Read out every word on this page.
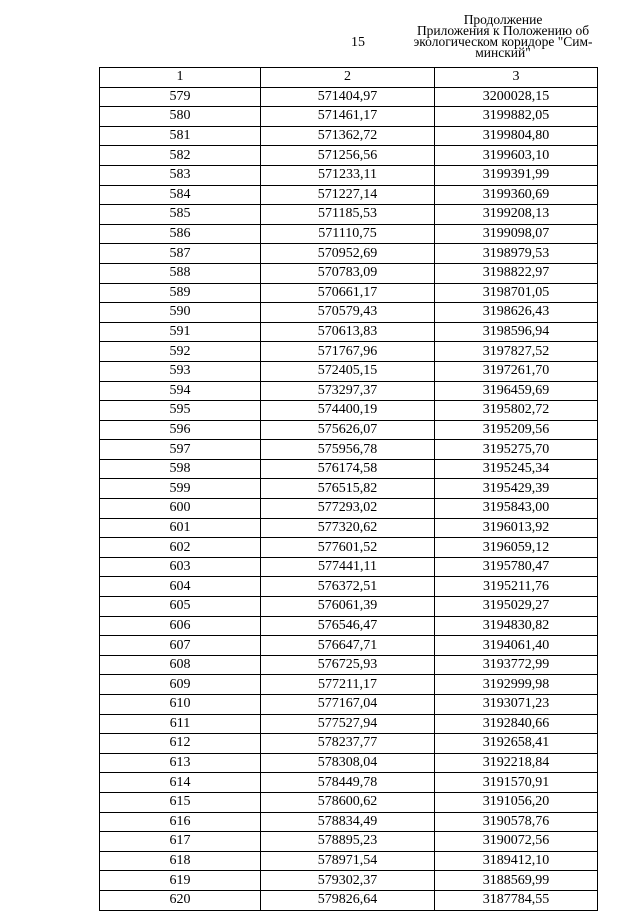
15
Продолжение
Приложения к Положению об
экологическом коридоре "Сим-
минский"
1	2	3
579	571404,97	3200028,15
580	571461,17	3199882,05
581	571362,72	3199804,80
582	571256,56	3199603,10
583	571233,11	3199391,99
584	571227,14	3199360,69
585	571185,53	3199208,13
586	571110,75	3199098,07
587	570952,69	3198979,53
588	570783,09	3198822,97
589	570661,17	3198701,05
590	570579,43	3198626,43
591	570613,83	3198596,94
592	571767,96	3197827,52
593	572405,15	3197261,70
594	573297,37	3196459,69
595	574400,19	3195802,72
596	575626,07	3195209,56
597	575956,78	3195275,70
598	576174,58	3195245,34
599	576515,82	3195429,39
600	577293,02	3195843,00
601	577320,62	3196013,92
602	577601,52	3196059,12
603	577441,11	3195780,47
604	576372,51	3195211,76
605	576061,39	3195029,27
606	576546,47	3194830,82
607	576647,71	3194061,40
608	576725,93	3193772,99
609	577211,17	3192999,98
610	577167,04	3193071,23
611	577527,94	3192840,66
612	578237,77	3192658,41
613	578308,04	3192218,84
614	578449,78	3191570,91
615	578600,62	3191056,20
616	578834,49	3190578,76
617	578895,23	3190072,56
618	578971,54	3189412,10
619	579302,37	3188569,99
620	579826,64	3187784,55
